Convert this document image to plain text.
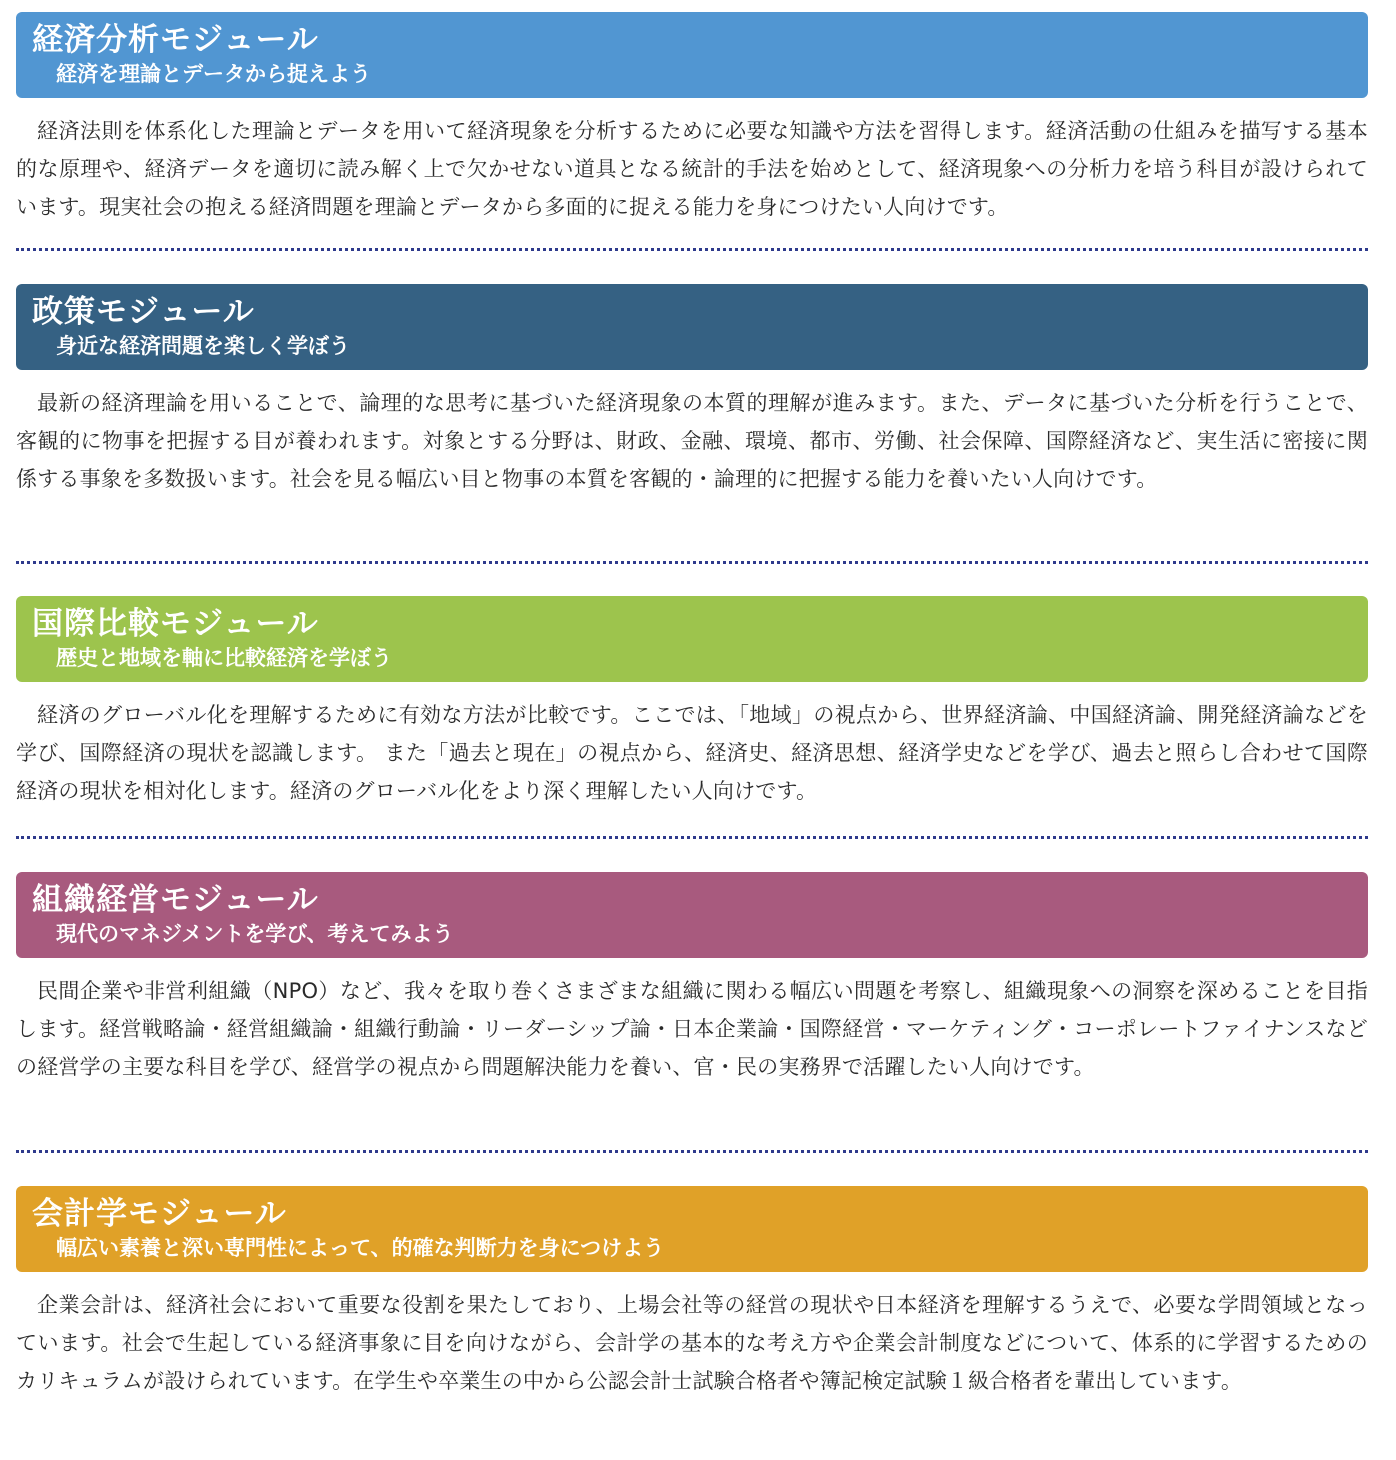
経済分析モジュール
経済を理論とデータから捉えよう

経済法則を体系化した理論とデータを用いて経済現象を分析するために必要な知識や方法を習得します。経済活動の仕組みを描写する基本的な原理や、経済データを適切に読み解く上で欠かせない道具となる統計的手法を始めとして、経済現象への分析力を培う科目が設けられています。現実社会の抱える経済問題を理論とデータから多面的に捉える能力を身につけたい人向けです。

政策モジュール
身近な経済問題を楽しく学ぼう

最新の経済理論を用いることで、論理的な思考に基づいた経済現象の本質的理解が進みます。また、データに基づいた分析を行うことで、客観的に物事を把握する目が養われます。対象とする分野は、財政、金融、環境、都市、労働、社会保障、国際経済など、実生活に密接に関係する事象を多数扱います。社会を見る幅広い目と物事の本質を客観的・論理的に把握する能力を養いたい人向けです。

国際比較モジュール
歴史と地域を軸に比較経済を学ぼう

経済のグローバル化を理解するために有効な方法が比較です。ここでは、「地域」の視点から、世界経済論、中国経済論、開発経済論などを学び、国際経済の現状を認識します。 また「過去と現在」の視点から、経済史、経済思想、経済学史などを学び、過去と照らし合わせて国際経済の現状を相対化します。経済のグローバル化をより深く理解したい人向けです。

組織経営モジュール
現代のマネジメントを学び、考えてみよう

民間企業や非営利組織（NPO）など、我々を取り巻くさまざまな組織に関わる幅広い問題を考察し、組織現象への洞察を深めることを目指します。経営戦略論・経営組織論・組織行動論・リーダーシップ論・日本企業論・国際経営・マーケティング・コーポレートファイナンスなどの経営学の主要な科目を学び、経営学の視点から問題解決能力を養い、官・民の実務界で活躍したい人向けです。

会計学モジュール
幅広い素養と深い専門性によって、的確な判断力を身につけよう

企業会計は、経済社会において重要な役割を果たしており、上場会社等の経営の現状や日本経済を理解するうえで、必要な学問領域となっています。社会で生起している経済事象に目を向けながら、会計学の基本的な考え方や企業会計制度などについて、体系的に学習するためのカリキュラムが設けられています。在学生や卒業生の中から公認会計士試験合格者や簿記検定試験１級合格者を輩出しています。
